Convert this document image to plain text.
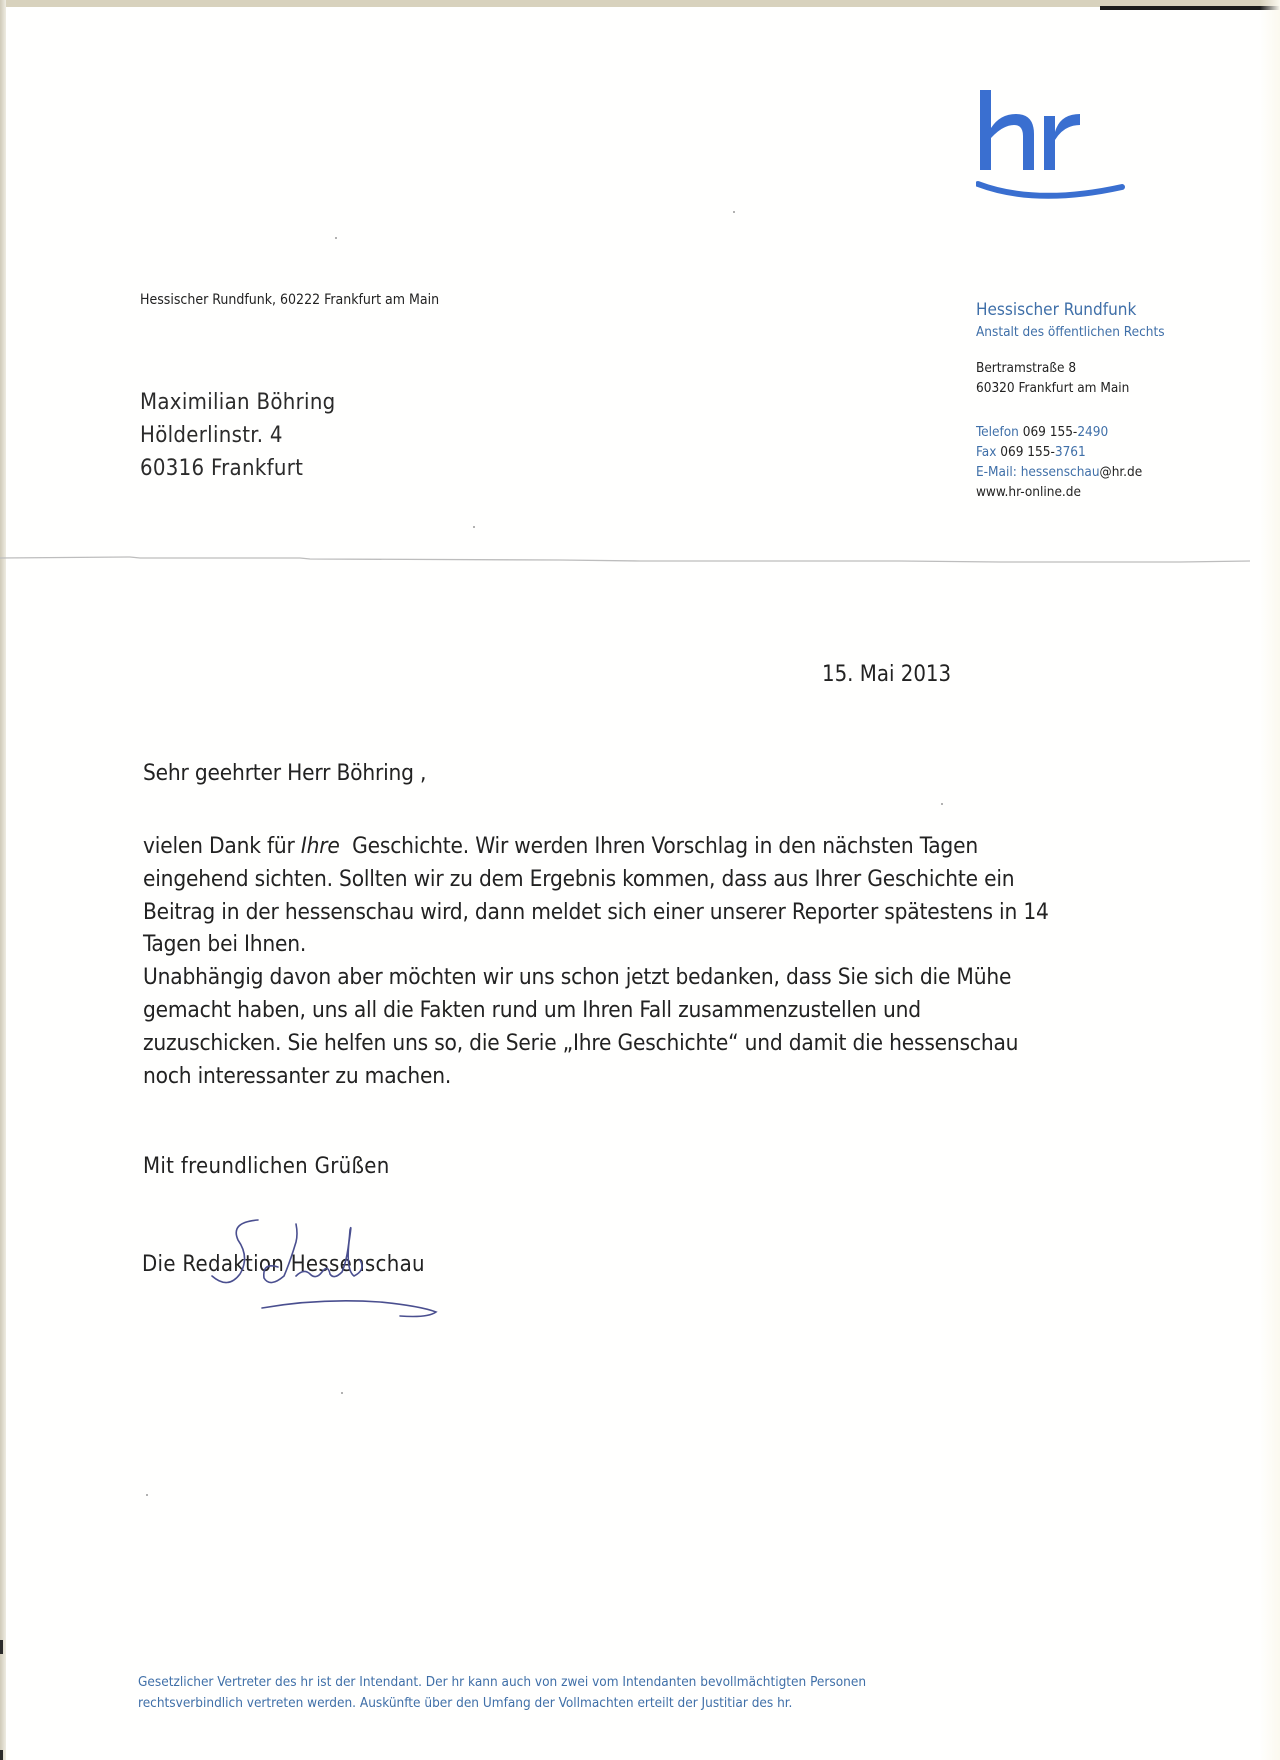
Hessischer Rundfunk, 60222 Frankfurt am Main
Maximilian Böhring
Hölderlinstr. 4
60316 Frankfurt
Hessischer Rundfunk
Anstalt des öffentlichen Rechts
Bertramstraße 8
60320 Frankfurt am Main
Telefon 069 155-2490
Fax 069 155-3761
E-Mail: hessenschau@hr.de
www.hr-online.de
15. Mai 2013
Sehr geehrter Herr Böhring ,

vielen Dank für Ihre  Geschichte. Wir werden Ihren Vorschlag in den nächsten Tagen

eingehend sichten. Sollten wir zu dem Ergebnis kommen, dass aus Ihrer Geschichte ein

Beitrag in der hessenschau wird, dann meldet sich einer unserer Reporter spätestens in 14

Tagen bei Ihnen.

Unabhängig davon aber möchten wir uns schon jetzt bedanken, dass Sie sich die Mühe

gemacht haben, uns all die Fakten rund um Ihren Fall zusammenzustellen und

zuzuschicken. Sie helfen uns so, die Serie „Ihre Geschichte“ und damit die hessenschau

noch interessanter zu machen.

Mit freundlichen Grüßen
Die Redaktion Hessenschau
Gesetzlicher Vertreter des hr ist der Intendant. Der hr kann auch von zwei vom Intendanten bevollmächtigten Personen
rechtsverbindlich vertreten werden. Auskünfte über den Umfang der Vollmachten erteilt der Justitiar des hr.
